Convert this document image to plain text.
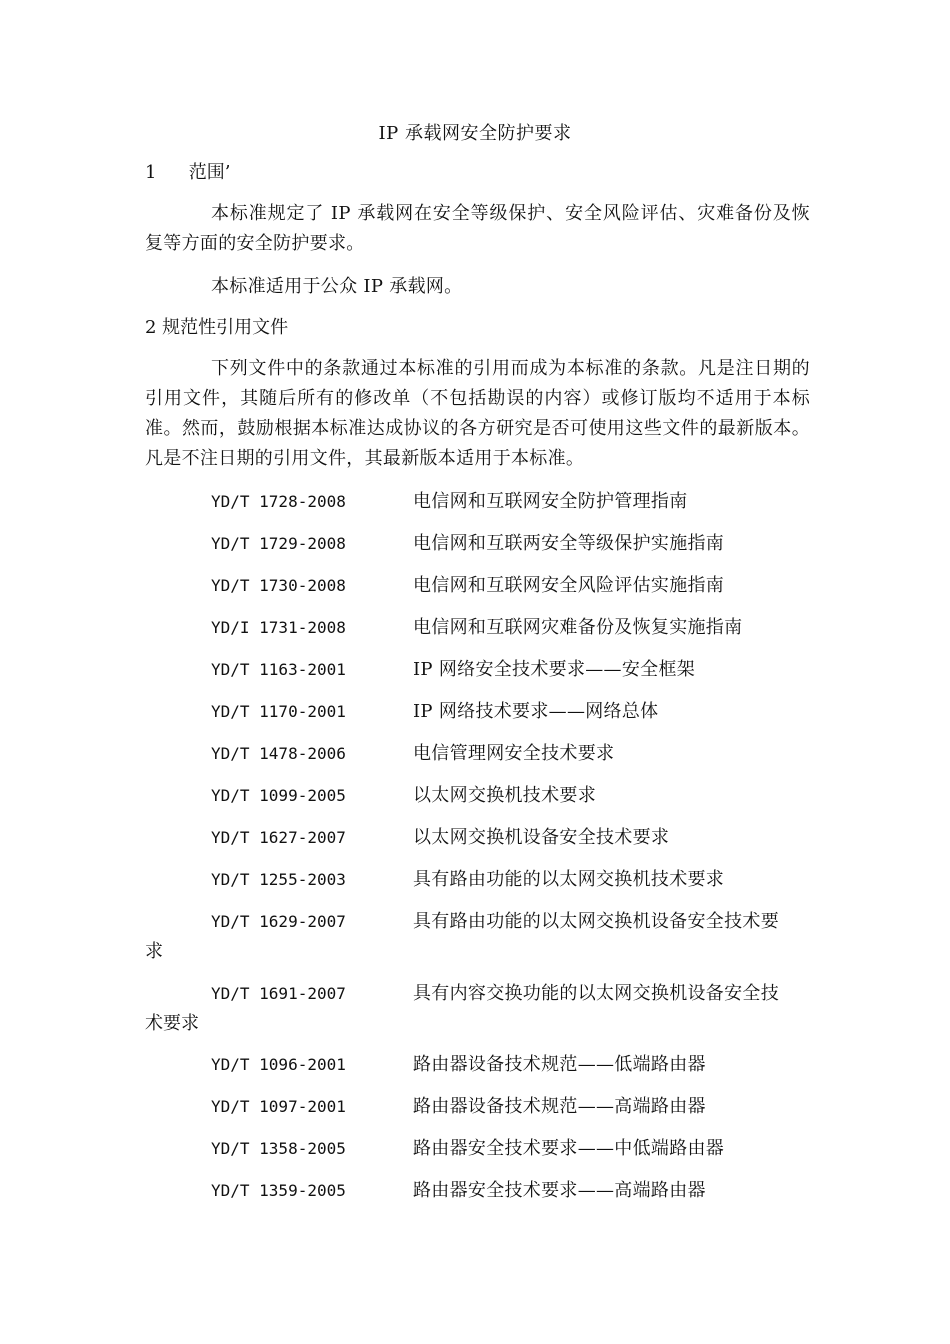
IP 承载网安全防护要求
1 范围’
本标准规定了 IP 承载网在安全等级保护、安全风险评估、灾难备份及恢复等方面的安全防护要求。
本标准适用于公众 IP 承载网。
2 规范性引用文件
下列文件中的条款通过本标准的引用而成为本标准的条款。凡是注日期的引用文件，其随后所有的修改单（不包括勘误的内容）或修订版均不适用于本标准。然而，鼓励根据本标准达成协议的各方研究是否可使用这些文件的最新版本。凡是不注日期的引用文件，其最新版本适用于本标准。
YD/T 1728-2008	电信网和互联网安全防护管理指南
YD/T 1729-2008	电信网和互联两安全等级保护实施指南
YD/T 1730-2008	电信网和互联网安全风险评估实施指南
YD/I 1731-2008	电信网和互联网灾难备份及恢复实施指南
YD/T 1163-2001	IP 网络安全技术要求——安全框架
YD/T 1170-2001	IP 网络技术要求——网络总体
YD/T 1478-2006	电信管理网安全技术要求
YD/T 1099-2005	以太网交换机技术要求
YD/T 1627-2007	以太网交换机设备安全技术要求
YD/T 1255-2003	具有路由功能的以太网交换机技术要求
YD/T 1629-2007	具有路由功能的以太网交换机设备安全技术要
求
YD/T 1691-2007	具有内容交换功能的以太网交换机设备安全技
术要求
YD/T 1096-2001	路由器设备技术规范——低端路由器
YD/T 1097-2001	路由器设备技术规范——高端路由器
YD/T 1358-2005	路由器安全技术要求——中低端路由器
YD/T 1359-2005	路由器安全技术要求——高端路由器
